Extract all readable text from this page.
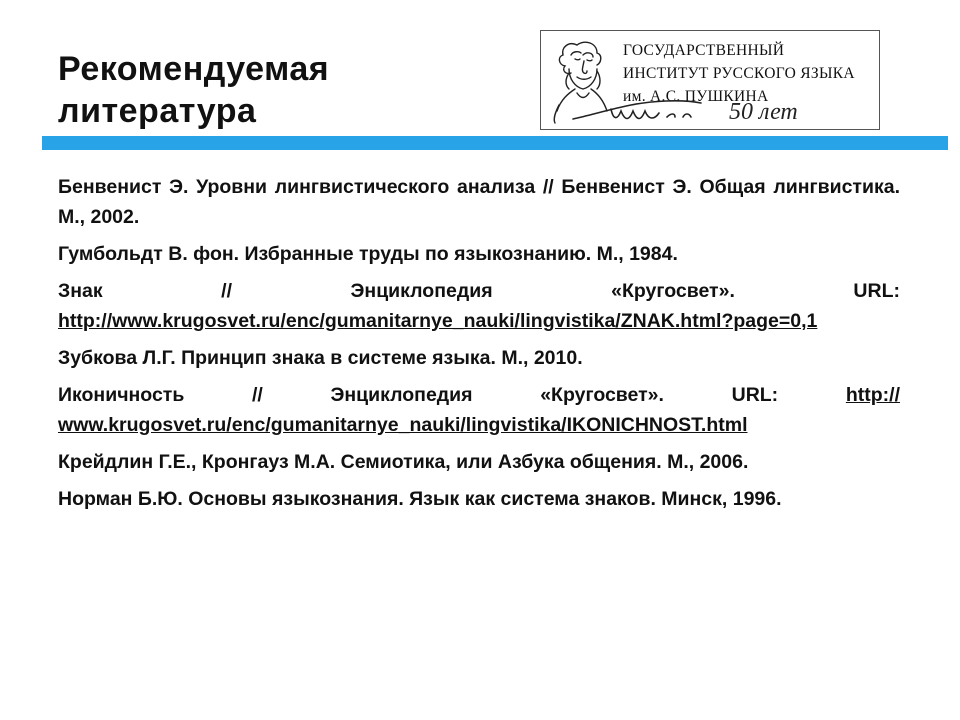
Рекомендуемая
литература
ГОСУДАРСТВЕННЫЙ
ИНСТИТУТ РУССКОГО ЯЗЫКА
им. А.С. ПУШКИНА
50 лет
Бенвенист Э. Уровни лингвистического анализа // Бенвенист Э. Общая лингвистика. М., 2002.
Гумбольдт В. фон. Избранные труды по языкознанию. М., 1984.
Знак // Энциклопедия «Кругосвет». URL: http://www.krugosvet.ru/enc/gumanitarnye_nauki/lingvistika/ZNAK.html?page=0,1
Зубкова Л.Г. Принцип знака в системе языка. М., 2010.
Иконичность // Энциклопедия «Кругосвет». URL: http:// www.krugosvet.ru/enc/gumanitarnye_nauki/lingvistika/IKONICHNOST.html
Крейдлин Г.Е., Кронгауз М.А. Семиотика, или Азбука общения. М., 2006.
Норман Б.Ю. Основы языкознания. Язык как система знаков. Минск, 1996.
